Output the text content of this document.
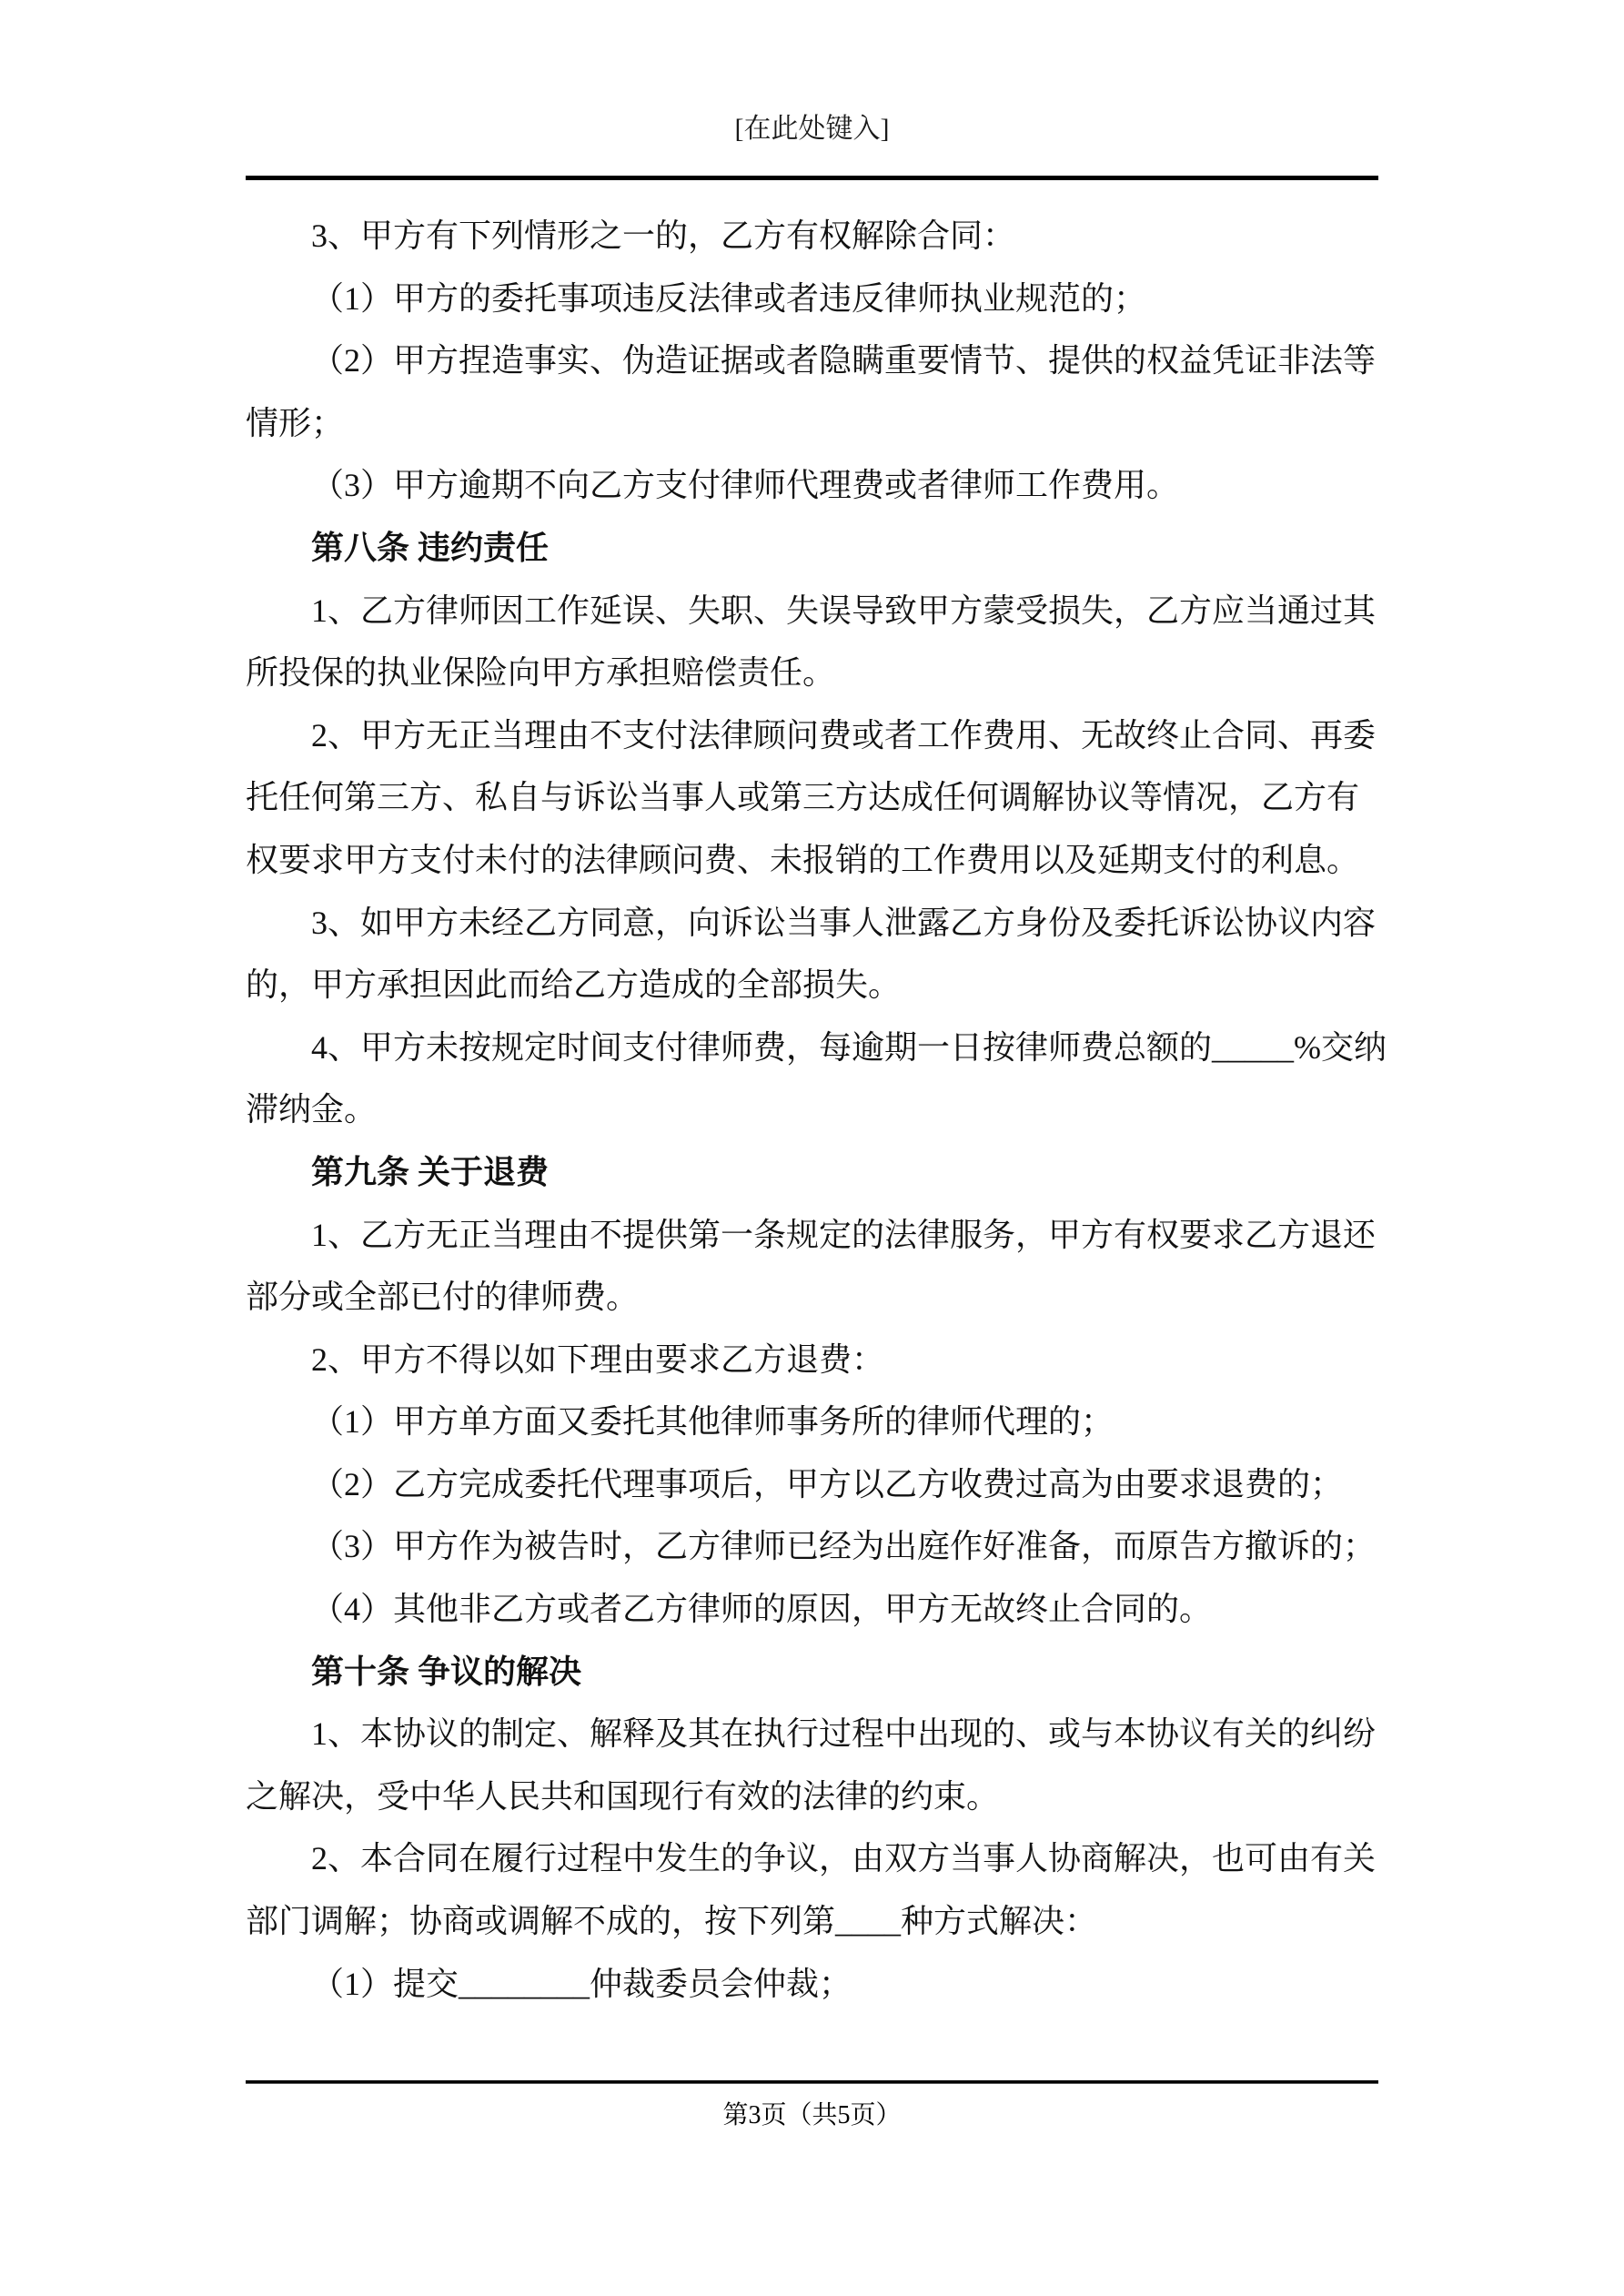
[在此处键入]

3、甲方有下列情形之一的，乙方有权解除合同：

（1）甲方的委托事项违反法律或者违反律师执业规范的；

（2）甲方捏造事实、伪造证据或者隐瞒重要情节、提供的权益凭证非法等情形；

（3）甲方逾期不向乙方支付律师代理费或者律师工作费用。

第八条 违约责任

1、乙方律师因工作延误、失职、失误导致甲方蒙受损失，乙方应当通过其所投保的执业保险向甲方承担赔偿责任。

2、甲方无正当理由不支付法律顾问费或者工作费用、无故终止合同、再委托任何第三方、私自与诉讼当事人或第三方达成任何调解协议等情况，乙方有权要求甲方支付未付的法律顾问费、未报销的工作费用以及延期支付的利息。

3、如甲方未经乙方同意，向诉讼当事人泄露乙方身份及委托诉讼协议内容的，甲方承担因此而给乙方造成的全部损失。

4、甲方未按规定时间支付律师费，每逾期一日按律师费总额的_____%交纳滞纳金。

第九条 关于退费

1、乙方无正当理由不提供第一条规定的法律服务，甲方有权要求乙方退还部分或全部已付的律师费。

2、甲方不得以如下理由要求乙方退费：

（1）甲方单方面又委托其他律师事务所的律师代理的；

（2）乙方完成委托代理事项后，甲方以乙方收费过高为由要求退费的；

（3）甲方作为被告时，乙方律师已经为出庭作好准备，而原告方撤诉的；

（4）其他非乙方或者乙方律师的原因，甲方无故终止合同的。

第十条 争议的解决

1、本协议的制定、解释及其在执行过程中出现的、或与本协议有关的纠纷之解决，受中华人民共和国现行有效的法律的约束。

2、本合同在履行过程中发生的争议，由双方当事人协商解决，也可由有关部门调解；协商或调解不成的，按下列第____种方式解决：

（1）提交________仲裁委员会仲裁；

第3页（共5页）
